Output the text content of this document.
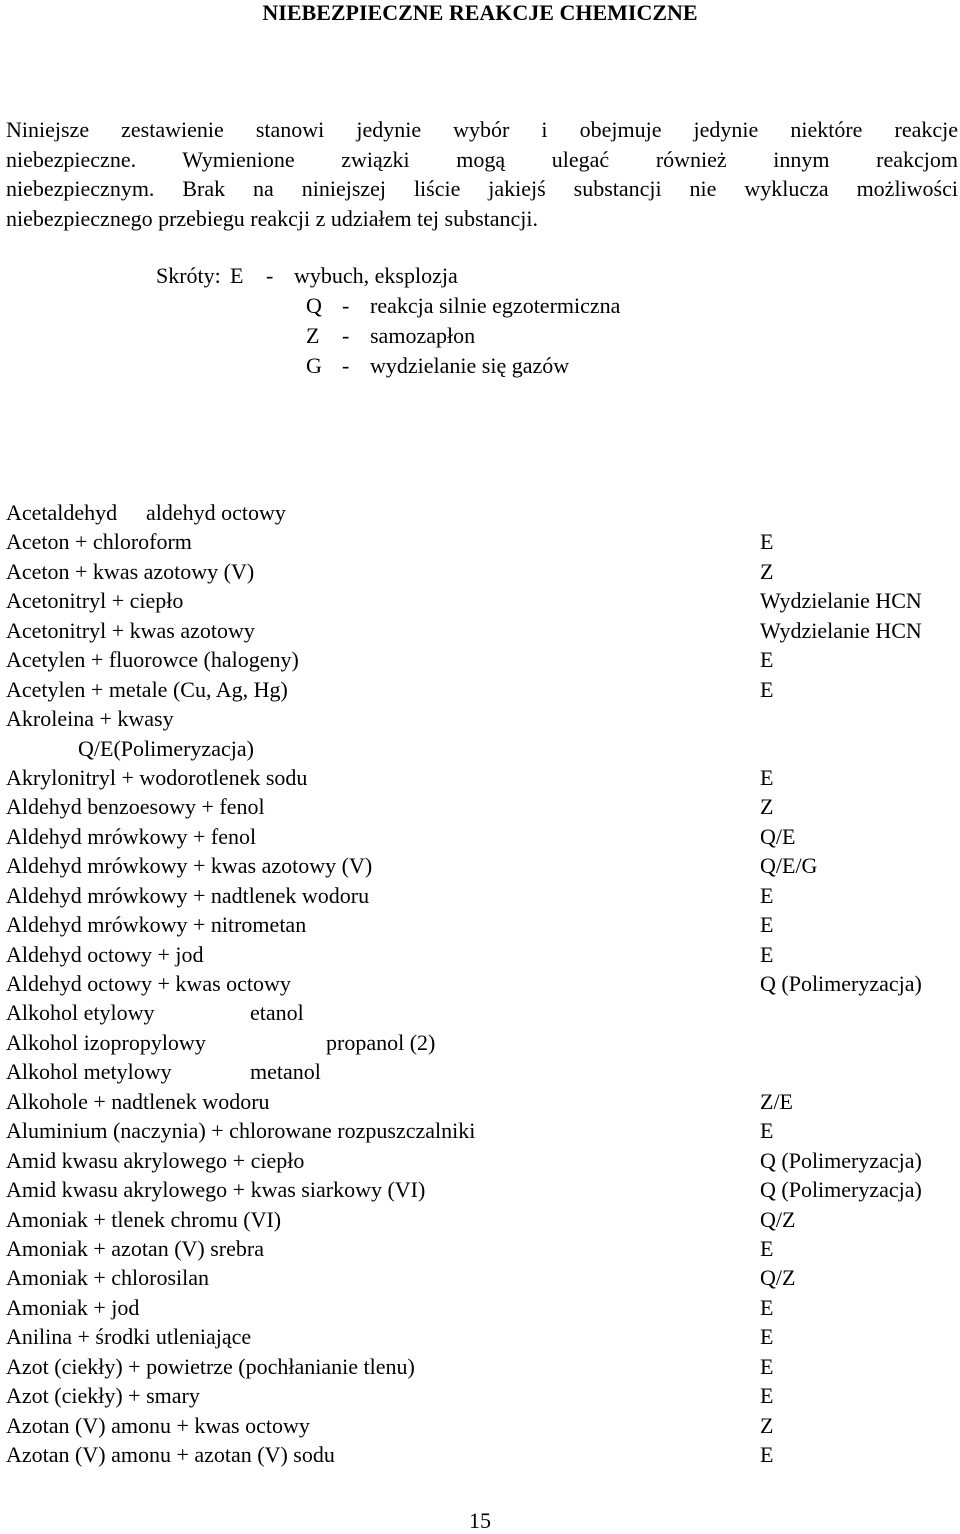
NIEBEZPIECZNE REAKCJE CHEMICZNE
Niniejsze zestawienie stanowi jedynie wybór i obejmuje jedynie niektóre reakcje
niebezpieczne. Wymienione związki mogą ulegać również innym reakcjom
niebezpiecznym. Brak na niniejszej liście jakiejś substancji nie wyklucza możliwości
niebezpiecznego przebiegu reakcji z udziałem tej substancji.
Skróty: E	- wybuch, eksplozja
Q - reakcja silnie egzotermiczna
Z	- samozapłon
G - wydzielanie się gazów
Acetaldehyd aldehyd octowy
Aceton + chloroform	E
Aceton + kwas azotowy (V)	Z
Acetonitryl + ciepło	Wydzielanie HCN
Acetonitryl + kwas azotowy	Wydzielanie HCN
Acetylen + fluorowce (halogeny)	E
Acetylen + metale (Cu, Ag, Hg)	E
Akroleina + kwasy
Q/E(Polimeryzacja)
Akrylonitryl + wodorotlenek sodu	E
Aldehyd benzoesowy + fenol	Z
Aldehyd mrówkowy + fenol	Q/E
Aldehyd mrówkowy + kwas azotowy (V)	Q/E/G
Aldehyd mrówkowy + nadtlenek wodoru	E
Aldehyd mrówkowy + nitrometan	E
Aldehyd octowy + jod	E
Aldehyd octowy + kwas octowy	Q (Polimeryzacja)
Alkohol etylowy	etanol
Alkohol izopropylowy	propanol (2)
Alkohol metylowy	metanol
Alkohole + nadtlenek wodoru	Z/E
Aluminium (naczynia) + chlorowane rozpuszczalniki	E
Amid kwasu akrylowego + ciepło	Q (Polimeryzacja)
Amid kwasu akrylowego + kwas siarkowy (VI)	Q (Polimeryzacja)
Amoniak + tlenek chromu (VI)	Q/Z
Amoniak + azotan (V) srebra	E
Amoniak + chlorosilan	Q/Z
Amoniak + jod	E
Anilina + środki utleniające	E
Azot (ciekły) + powietrze (pochłanianie tlenu)	E
Azot (ciekły) + smary	E
Azotan (V) amonu + kwas octowy	Z
Azotan (V) amonu + azotan (V) sodu	E
15
